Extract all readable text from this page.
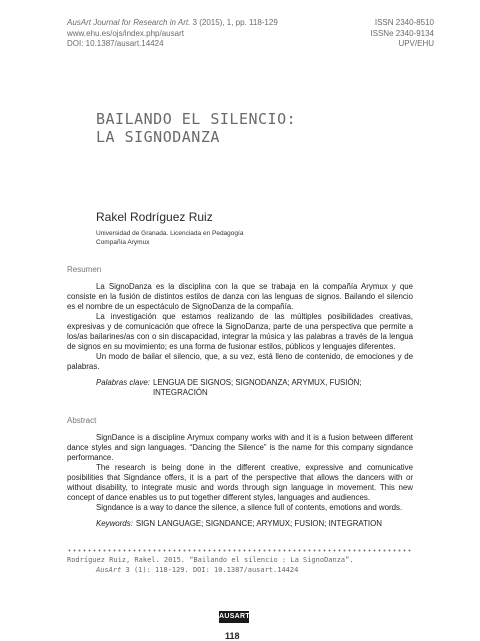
AusArt Journal for Research in Art. 3 (2015), 1, pp. 118-129
www.ehu.es/ojs/index.php/ausart
DOI: 10.1387/ausart.14424
ISSN 2340-8510
ISSNe 2340-9134
UPV/EHU
BAILANDO EL SILENCIO:
LA SIGNODANZA
Rakel Rodríguez Ruiz
Universidad de Granada. Licenciada en Pedagogía
Compañía Arymux
Resumen

La SignoDanza es la disciplina con la que se trabaja en la compañía Arymux y que consiste en la fusión de distintos estilos de danza con las lenguas de signos. Bailando el silencio es el nombre de un espectáculo de SignoDanza de la compañía.

La investigación que estamos realizando de las múltiples posibilidades creativas, expresivas y de comunicación que ofrece la SignoDanza, parte de una perspectiva que permite a los/as bailarines/as con o sin discapacidad, integrar la música y las palabras a través de la lengua de signos en su movimiento; es una forma de fusionar estilos, públicos y lenguajes diferentes.

Un modo de bailar el silencio, que, a su vez, está lleno de contenido, de emociones y de palabras.

Palabras clave: LENGUA DE SIGNOS; SIGNODANZA; ARYMUX, FUSIÓN; INTEGRACIÓN
Abstract

SignDance is a discipline Arymux company works with and it is a fusion between different dance styles and sign languages. “Dancing the Silence” is the name for this company signdance performance.

The research is being done in the different creative, expressive and comunicative posibilities that Signdance offers, it is a part of the perspective that allows the dancers with or without disability, to integrate music and words through sign language in movement. This new concept of dance enables us to put together different styles, languages and audiences.

Signdance is a way to dance the silence, a silence full of contents, emotions and words.

Keywords: SIGN LANGUAGE; SIGNDANCE; ARYMUX; FUSION; INTEGRATION
Rodríguez Ruiz, Rakel. 2015. “Bailando el silencio : La SignoDanza”.
AusArt 3 (1): 118-129. DOI: 10.1387/ausart.14424
AUSART
118
